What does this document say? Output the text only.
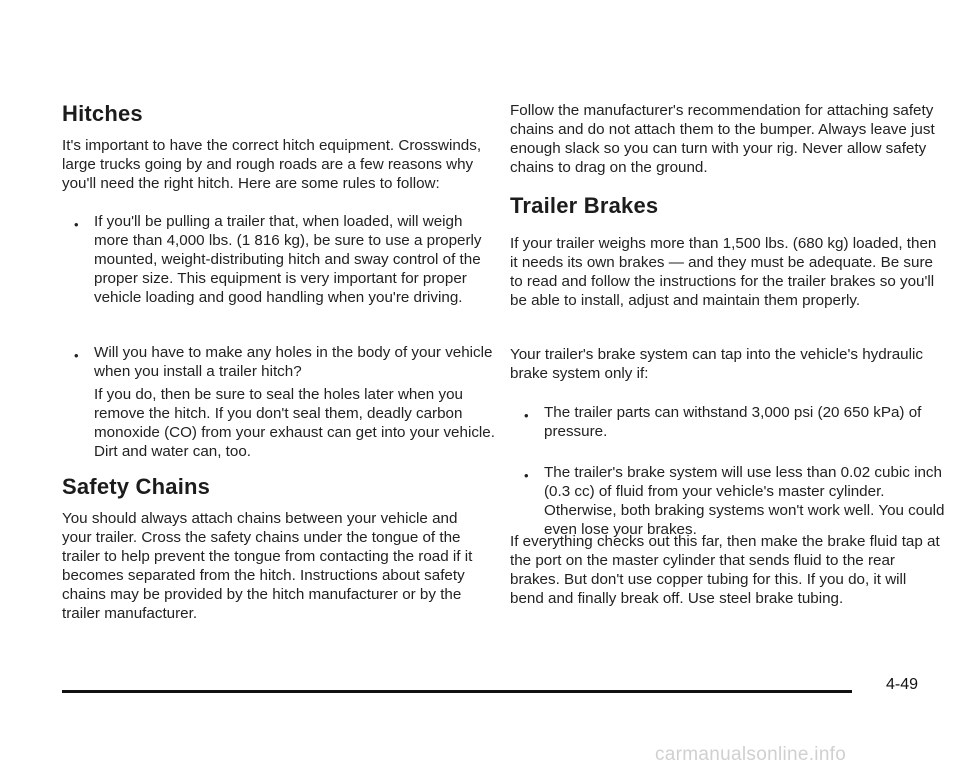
Hitches

It's important to have the correct hitch equipment. Crosswinds, large trucks going by and rough roads are a few reasons why you'll need the right hitch. Here are some rules to follow:

• If you'll be pulling a trailer that, when loaded, will weigh more than 4,000 lbs. (1 816 kg), be sure to use a properly mounted, weight-distributing hitch and sway control of the proper size. This equipment is very important for proper vehicle loading and good handling when you're driving.
• Will you have to make any holes in the body of your vehicle when you install a trailer hitch?

If you do, then be sure to seal the holes later when you remove the hitch. If you don't seal them, deadly carbon monoxide (CO) from your exhaust can get into your vehicle. Dirt and water can, too.

Safety Chains

You should always attach chains between your vehicle and your trailer. Cross the safety chains under the tongue of the trailer to help prevent the tongue from contacting the road if it becomes separated from the hitch. Instructions about safety chains may be provided by the hitch manufacturer or by the trailer manufacturer.

Follow the manufacturer's recommendation for attaching safety chains and do not attach them to the bumper. Always leave just enough slack so you can turn with your rig. Never allow safety chains to drag on the ground.

Trailer Brakes

If your trailer weighs more than 1,500 lbs. (680 kg) loaded, then it needs its own brakes — and they must be adequate. Be sure to read and follow the instructions for the trailer brakes so you'll be able to install, adjust and maintain them properly.

Your trailer's brake system can tap into the vehicle's hydraulic brake system only if:

• The trailer parts can withstand 3,000 psi (20 650 kPa) of pressure.
• The trailer's brake system will use less than 0.02 cubic inch (0.3 cc) of fluid from your vehicle's master cylinder. Otherwise, both braking systems won't work well. You could even lose your brakes.

If everything checks out this far, then make the brake fluid tap at the port on the master cylinder that sends fluid to the rear brakes. But don't use copper tubing for this. If you do, it will bend and finally break off. Use steel brake tubing.

4-49
carmanualsonline.info
